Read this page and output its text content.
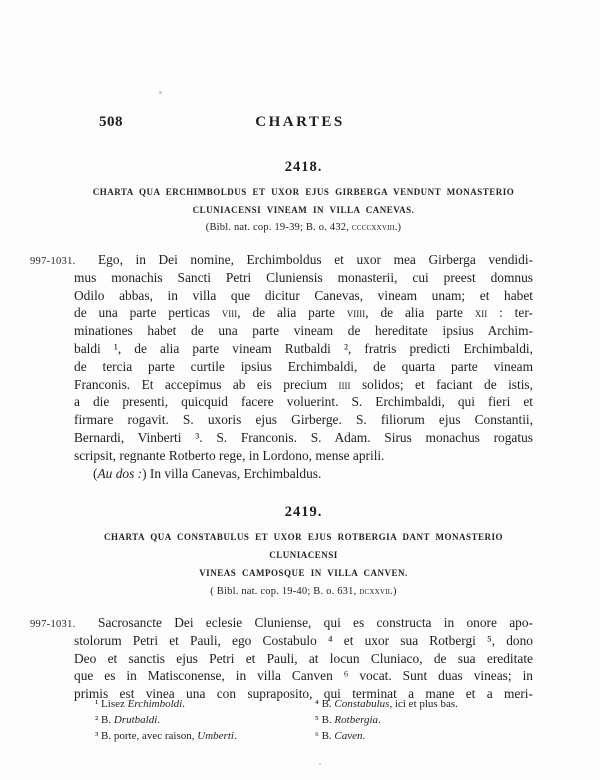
508	CHARTES
2418.
CHARTA QUA ERCHIMBOLDUS ET UXOR EJUS GIRBERGA VENDUNT MONASTERIO
CLUNIACENSI VINEAM IN VILLA CANEVAS.
(Bibl. nat. cop. 19-39; B. o. 432, ccccxxviii.)
997-1031.	Ego, in Dei nomine, Erchimboldus et uxor mea Girberga vendidi-
mus monachis Sancti Petri Cluniensis monasterii, cui preest domnus
Odilo abbas, in villa que dicitur Canevas, vineam unam; et habet
de una parte perticas viii, de alia parte viiii, de alia parte xii : ter-
minationes habet de una parte vineam de hereditate ipsius Archim-
baldi ¹, de alia parte vineam Rutbaldi ², fratris predicti Erchimbaldi,
de tercia parte curtile ipsius Erchimbaldi, de quarta parte vineam
Franconis. Et accepimus ab eis precium iiii solidos; et faciant de istis,
a die presenti, quicquid facere voluerint. S. Erchimbaldi, qui fieri et
firmare rogavit. S. uxoris ejus Girberge. S. filiorum ejus Constantii,
Bernardi, Vinberti ³. S. Franconis. S. Adam. Sirus monachus rogatus
scripsit, regnante Rotberto rege, in Lordono, mense aprili.
(Au dos :) In villa Canevas, Erchimbaldus.
2419.
CHARTA QUA CONSTABULUS ET UXOR EJUS ROTBERGIA DANT MONASTERIO CLUNIACENSI
VINEAS CAMPOSQUE IN VILLA CANVEN.
( Bibl. nat. cop. 19-40; B. o. 631, dcxxvii.)
997-1031.	Sacrosancte Dei eclesie Cluniense, qui es constructa in onore apo-
stolorum Petri et Pauli, ego Costabulo ⁴ et uxor sua Rotbergi ⁵, dono
Deo et sanctis ejus Petri et Pauli, at locun Cluniaco, de sua ereditate
que es in Matisconense, in villa Canven ⁶ vocat. Sunt duas vineas; in
primis est vinea una con supraposito, qui terminat a mane et a meri-
¹ Lisez Erchimboldi.
² B. Drutbaldi.
³ B. porte, avec raison, Umberti.
⁴ B. Constabulus, ici et plus bas.
⁵ B. Rotbergia.
⁶ B. Caven.
